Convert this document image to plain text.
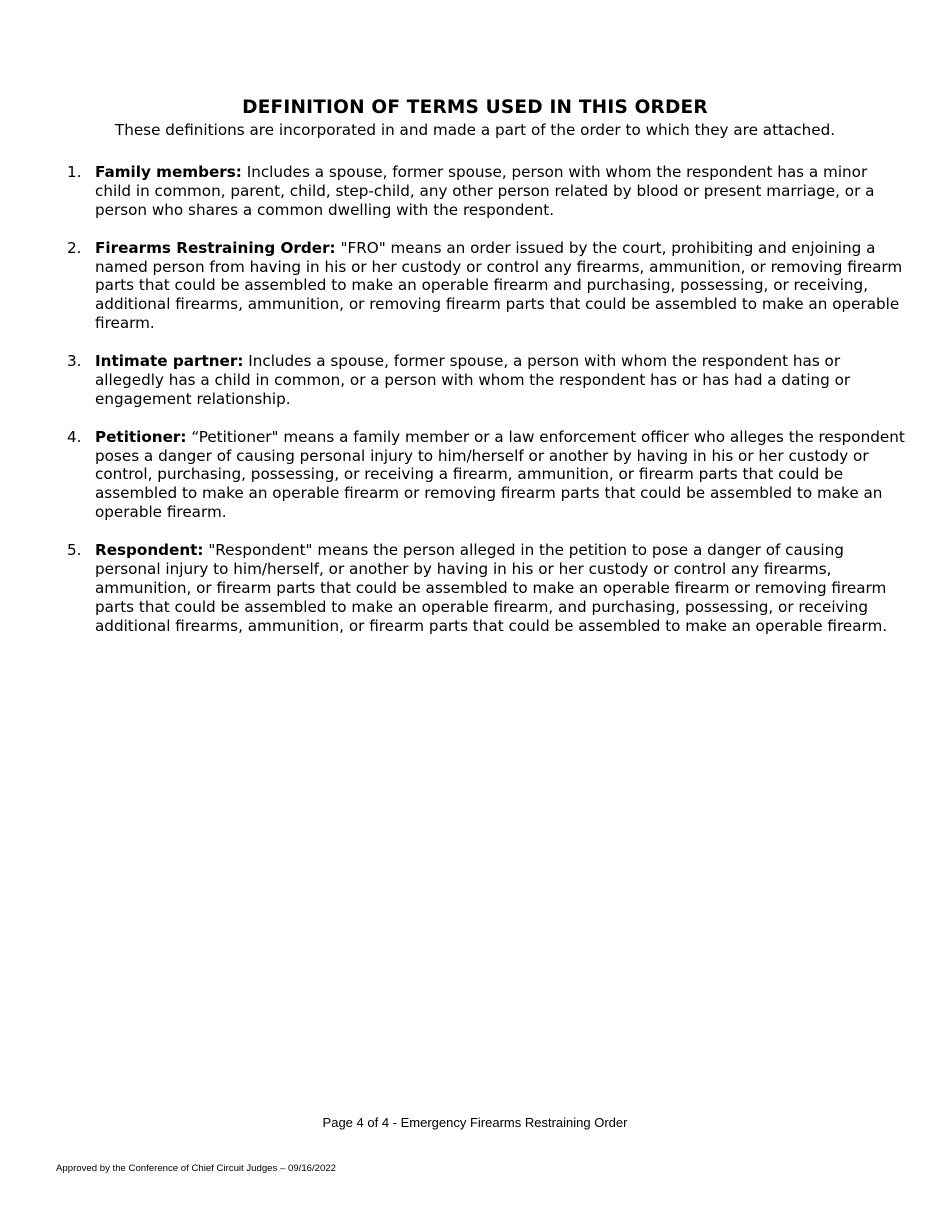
DEFINITION OF TERMS USED IN THIS ORDER

These definitions are incorporated in and made a part of the order to which they are attached.

1. Family members: Includes a spouse, former spouse, person with whom the respondent has a minor child in common, parent, child, step-child, any other person related by blood or present marriage, or a person who shares a common dwelling with the respondent.
2. Firearms Restraining Order: "FRO" means an order issued by the court, prohibiting and enjoining a named person from having in his or her custody or control any firearms, ammunition, or removing firearm parts that could be assembled to make an operable firearm and purchasing, possessing, or receiving, additional firearms, ammunition, or removing firearm parts that could be assembled to make an operable firearm.
3. Intimate partner: Includes a spouse, former spouse, a person with whom the respondent has or allegedly has a child in common, or a person with whom the respondent has or has had a dating or engagement relationship.
4. Petitioner: “Petitioner" means a family member or a law enforcement officer who alleges the respondent poses a danger of causing personal injury to him/herself or another by having in his or her custody or control, purchasing, possessing, or receiving a firearm, ammunition, or firearm parts that could be assembled to make an operable firearm or removing firearm parts that could be assembled to make an operable firearm.
5. Respondent: "Respondent" means the person alleged in the petition to pose a danger of causing personal injury to him/herself, or another by having in his or her custody or control any firearms, ammunition, or firearm parts that could be assembled to make an operable firearm or removing firearm parts that could be assembled to make an operable firearm, and purchasing, possessing, or receiving additional firearms, ammunition, or firearm parts that could be assembled to make an operable firearm.
Page 4 of 4 - Emergency Firearms Restraining Order
Approved by the Conference of Chief Circuit Judges – 09/16/2022
